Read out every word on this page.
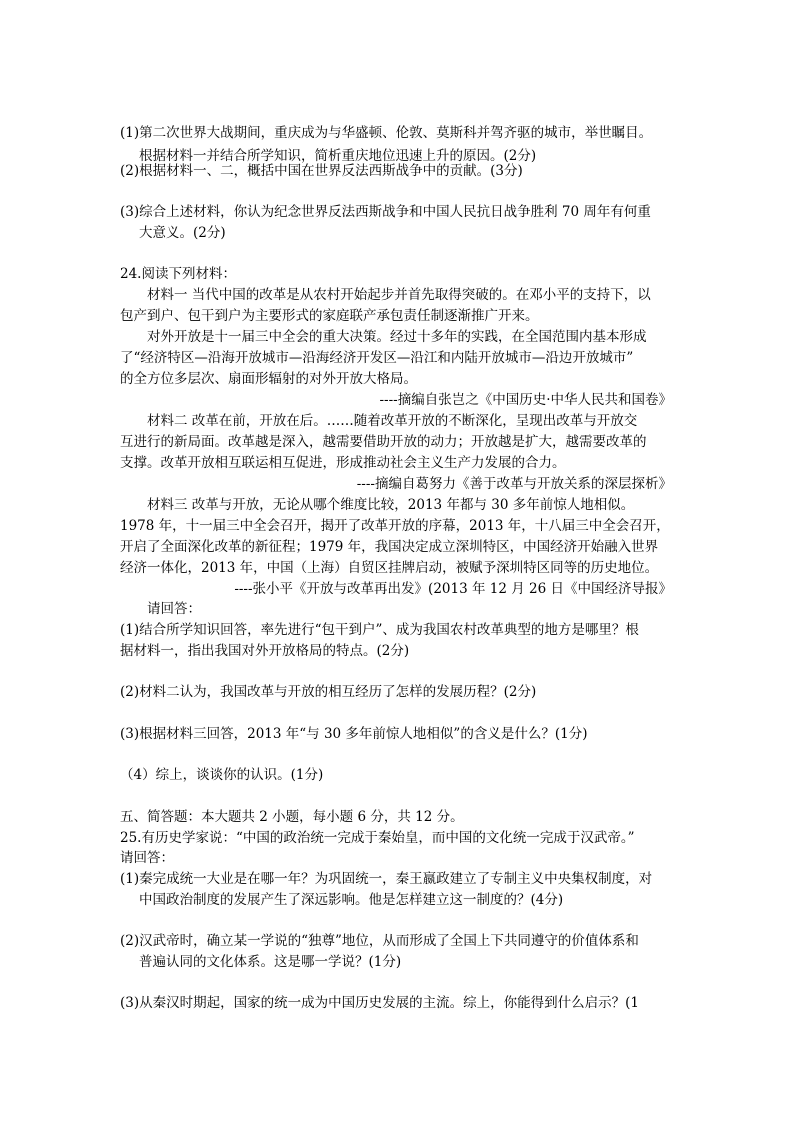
(1)第二次世界大战期间，重庆成为与华盛顿、伦敦、莫斯科并驾齐驱的城市，举世瞩目。
根据材料一并结合所学知识，简析重庆地位迅速上升的原因。(2分)
(2)根据材料一、二，概括中国在世界反法西斯战争中的贡献。(3分)
(3)综合上述材料，你认为纪念世界反法西斯战争和中国人民抗日战争胜利 70 周年有何重
大意义。(2分)
24.阅读下列材料：
材料一 当代中国的改革是从农村开始起步并首先取得突破的。在邓小平的支持下，以
包产到户、包干到户为主要形式的家庭联产承包责任制逐渐推广开来。
对外开放是十一届三中全会的重大决策。经过十多年的实践，在全国范围内基本形成
了“经济特区—沿海开放城市—沿海经济开发区—沿江和内陆开放城市—沿边开放城市”
的全方位多层次、扇面形辐射的对外开放大格局。
----摘编自张岂之《中国历史·中华人民共和国卷》
材料二 改革在前，开放在后。……随着改革开放的不断深化，呈现出改革与开放交
互进行的新局面。改革越是深入，越需要借助开放的动力；开放越是扩大，越需要改革的
支撑。改革开放相互联运相互促进，形成推动社会主义生产力发展的合力。
----摘编自葛努力《善于改革与开放关系的深层探析》
材料三 改革与开放，无论从哪个维度比较，2013 年都与 30 多年前惊人地相似。
1978 年，十一届三中全会召开，揭开了改革开放的序幕，2013 年，十八届三中全会召开，
开启了全面深化改革的新征程；1979 年，我国决定成立深圳特区，中国经济开始融入世界
经济一体化，2013 年，中国（上海）自贸区挂牌启动，被赋予深圳特区同等的历史地位。
----张小平《开放与改革再出发》(2013 年 12 月 26 日《中国经济导报》
请回答：
(1)结合所学知识回答，率先进行“包干到户”、成为我国农村改革典型的地方是哪里？根
据材料一，指出我国对外开放格局的特点。(2分)
(2)材料二认为，我国改革与开放的相互经历了怎样的发展历程？(2分)
(3)根据材料三回答，2013 年“与 30 多年前惊人地相似”的含义是什么？(1分)
（4）综上，谈谈你的认识。(1分)
五、简答题：本大题共 2 小题，每小题 6 分，共 12 分。
25.有历史学家说：“中国的政治统一完成于秦始皇，而中国的文化统一完成于汉武帝。”
请回答：
(1)秦完成统一大业是在哪一年？为巩固统一，秦王嬴政建立了专制主义中央集权制度，对
中国政治制度的发展产生了深远影响。他是怎样建立这一制度的？(4分)
(2)汉武帝时，确立某一学说的“独尊”地位，从而形成了全国上下共同遵守的价值体系和
普遍认同的文化体系。这是哪一学说？(1分)
(3)从秦汉时期起，国家的统一成为中国历史发展的主流。综上，你能得到什么启示？(1
